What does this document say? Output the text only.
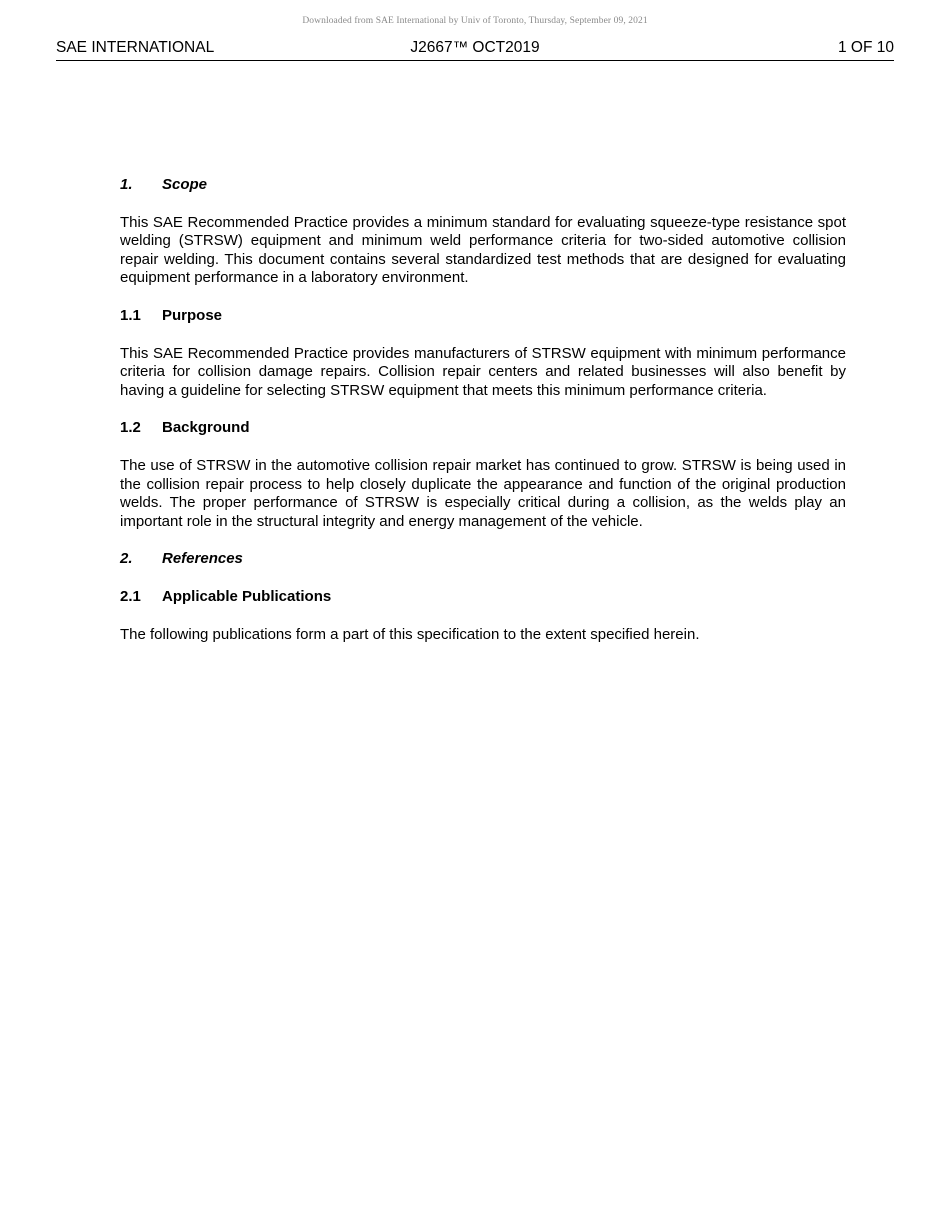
Downloaded from SAE International by Univ of Toronto, Thursday, September 09, 2021
J2667™ OCT2019
SAE INTERNATIONAL	1 OF 10
1. Scope

This SAE Recommended Practice provides a minimum standard for evaluating squeeze-type resistance spot welding (STRSW) equipment and minimum weld performance criteria for two-sided automotive collision repair welding. This document contains several standardized test methods that are designed for evaluating equipment performance in a laboratory environment.

1.1 Purpose

This SAE Recommended Practice provides manufacturers of STRSW equipment with minimum performance criteria for collision damage repairs. Collision repair centers and related businesses will also benefit by having a guideline for selecting STRSW equipment that meets this minimum performance criteria.

1.2 Background

The use of STRSW in the automotive collision repair market has continued to grow. STRSW is being used in the collision repair process to help closely duplicate the appearance and function of the original production welds. The proper performance of STRSW is especially critical during a collision, as the welds play an important role in the structural integrity and energy management of the vehicle.

2. References
2.1 Applicable Publications

The following publications form a part of this specification to the extent specified herein.
